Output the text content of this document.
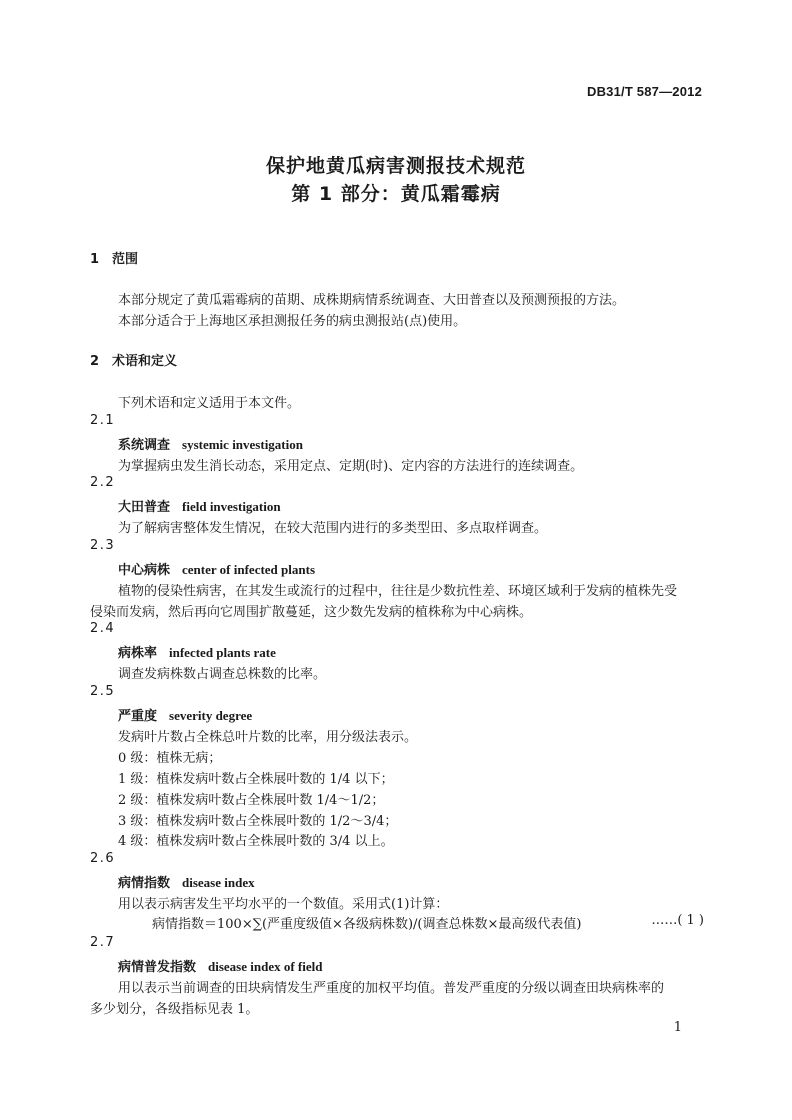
DB31/T 587—2012
保护地黄瓜病害测报技术规范
第 1 部分：黄瓜霜霉病
1 范围
本部分规定了黄瓜霜霉病的苗期、成株期病情系统调查、大田普查以及预测预报的方法。
本部分适合于上海地区承担测报任务的病虫测报站(点)使用。
2 术语和定义
下列术语和定义适用于本文件。
2.1
系统调查 systemic investigation
为掌握病虫发生消长动态，采用定点、定期(时)、定内容的方法进行的连续调查。
2.2
大田普查 field investigation
为了解病害整体发生情况，在较大范围内进行的多类型田、多点取样调查。
2.3
中心病株 center of infected plants
植物的侵染性病害，在其发生或流行的过程中，往往是少数抗性差、环境区域利于发病的植株先受
侵染而发病，然后再向它周围扩散蔓延，这少数先发病的植株称为中心病株。
2.4
病株率 infected plants rate
调查发病株数占调查总株数的比率。
2.5
严重度 severity degree
发病叶片数占全株总叶片数的比率，用分级法表示。
0 级：植株无病；
1 级：植株发病叶数占全株展叶数的 1/4 以下；
2 级：植株发病叶数占全株展叶数 1/4～1/2；
3 级：植株发病叶数占全株展叶数的 1/2～3/4；
4 级：植株发病叶数占全株展叶数的 3/4 以上。
2.6
病情指数 disease index
用以表示病害发生平均水平的一个数值。采用式(1)计算：
病情指数＝100×∑(严重度级值×各级病株数)/(调查总株数×最高级代表值)	……( 1 )
2.7
病情普发指数 disease index of field
用以表示当前调查的田块病情发生严重度的加权平均值。普发严重度的分级以调查田块病株率的
多少划分，各级指标见表 1。
1
